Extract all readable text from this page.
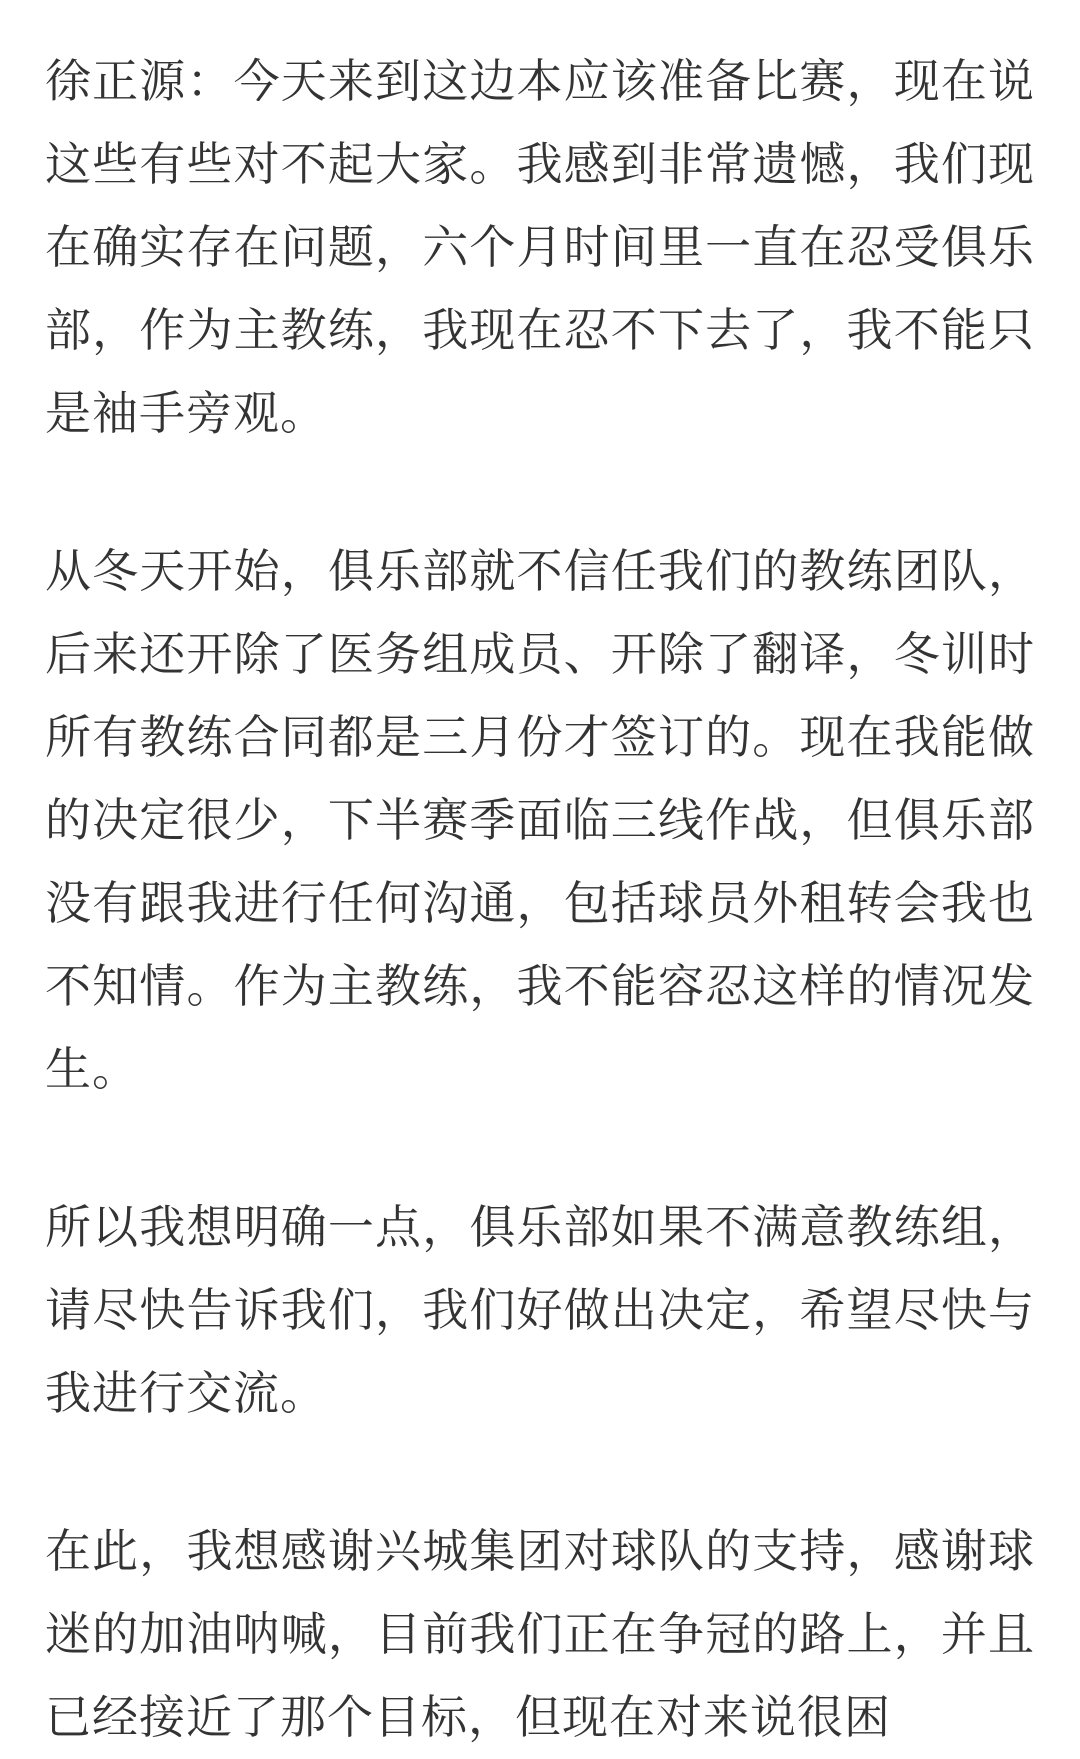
徐正源：今天来到这边本应该准备比赛，现在说这些有些对不起大家。我感到非常遗憾，我们现在确实存在问题，六个月时间里一直在忍受俱乐部，作为主教练，我现在忍不下去了，我不能只是袖手旁观。

从冬天开始，俱乐部就不信任我们的教练团队，后来还开除了医务组成员、开除了翻译，冬训时所有教练合同都是三月份才签订的。现在我能做的决定很少，下半赛季面临三线作战，但俱乐部没有跟我进行任何沟通，包括球员外租转会我也不知情。作为主教练，我不能容忍这样的情况发生。

所以我想明确一点，俱乐部如果不满意教练组，请尽快告诉我们，我们好做出决定，希望尽快与我进行交流。

在此，我想感谢兴城集团对球队的支持，感谢球迷的加油呐喊，目前我们正在争冠的路上，并且已经接近了那个目标，但现在对来说很困
